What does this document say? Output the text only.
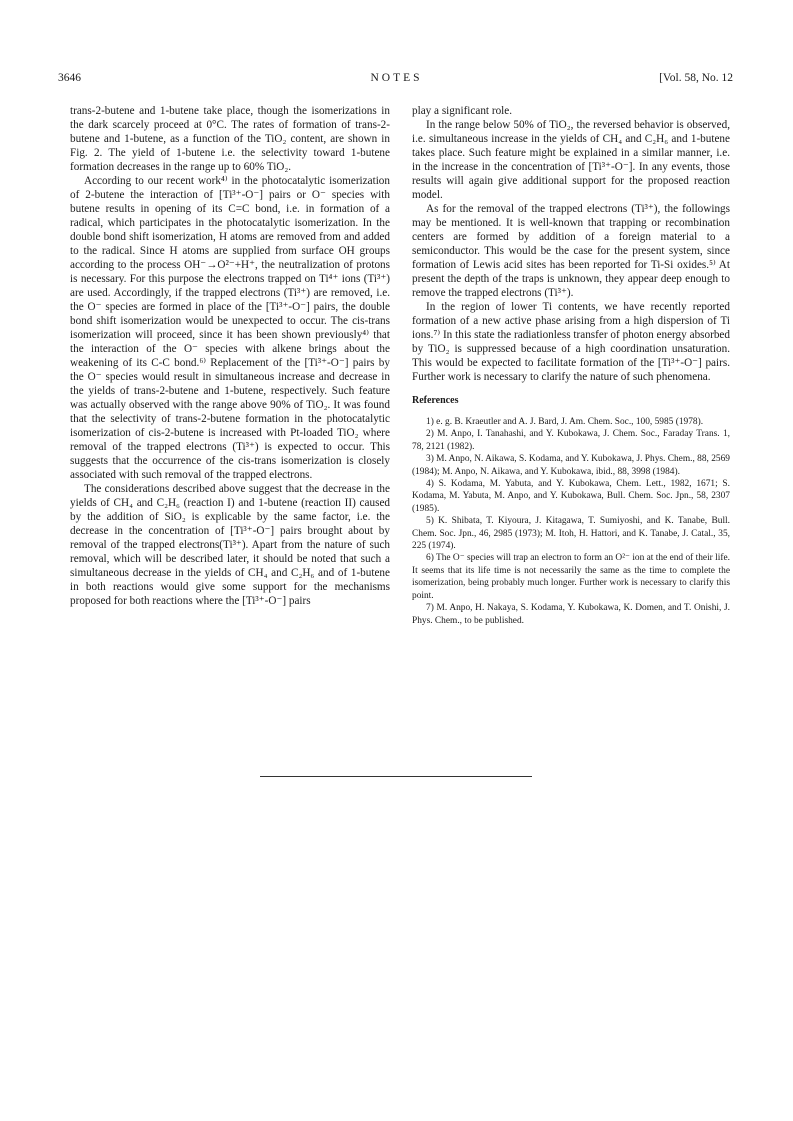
3646	NOTES	[Vol. 58, No. 12

trans-2-butene and 1-butene take place, though the isomerizations in the dark scarcely proceed at 0°C. The rates of formation of trans-2-butene and 1-butene, as a function of the TiO₂ content, are shown in Fig. 2. The yield of 1-butene i.e. the selectivity toward 1-butene formation decreases in the range up to 60% TiO₂.

According to our recent work⁴⁾ in the photocatalytic isomerization of 2-butene the interaction of [Ti³⁺-O⁻] pairs or O⁻ species with butene results in opening of its C=C bond, i.e. in formation of a radical, which participates in the photocatalytic isomerization. In the double bond shift isomerization, H atoms are removed from and added to the radical. Since H atoms are supplied from surface OH groups according to the process OH⁻→O²⁻+H⁺, the neutralization of protons is necessary. For this purpose the electrons trapped on Ti⁴⁺ ions (Ti³⁺) are used. Accordingly, if the trapped electrons (Ti³⁺) are removed, i.e. the O⁻ species are formed in place of the [Ti³⁺-O⁻] pairs, the double bond shift isomerization would be unexpected to occur. The cis-trans isomerization will proceed, since it has been shown previously⁴⁾ that the interaction of the O⁻ species with alkene brings about the weakening of its C-C bond.⁶⁾ Replacement of the [Ti³⁺-O⁻] pairs by the O⁻ species would result in simultaneous increase and decrease in the yields of trans-2-butene and 1-butene, respectively. Such feature was actually observed with the range above 90% of TiO₂. It was found that the selectivity of trans-2-butene formation in the photocatalytic isomerization of cis-2-butene is increased with Pt-loaded TiO₂ where removal of the trapped electrons (Ti³⁺) is expected to occur. This suggests that the occurrence of the cis-trans isomerization is closely associated with such removal of the trapped electrons.

The considerations described above suggest that the decrease in the yields of CH₄ and C₂H₆ (reaction I) and 1-butene (reaction II) caused by the addition of SiO₂ is explicable by the same factor, i.e. the decrease in the concentration of [Ti³⁺-O⁻] pairs brought about by removal of the trapped electrons(Ti³⁺). Apart from the nature of such removal, which will be described later, it should be noted that such a simultaneous decrease in the yields of CH₄ and C₂H₆ and of 1-butene in both reactions would give some support for the mechanisms proposed for both reactions where the [Ti³⁺-O⁻] pairs

play a significant role.

In the range below 50% of TiO₂, the reversed behavior is observed, i.e. simultaneous increase in the yields of CH₄ and C₂H₆ and 1-butene takes place. Such feature might be explained in a similar manner, i.e. in the increase in the concentration of [Ti³⁺-O⁻]. In any events, those results will again give additional support for the proposed reaction model.

As for the removal of the trapped electrons (Ti³⁺), the followings may be mentioned. It is well-known that trapping or recombination centers are formed by addition of a foreign material to a semiconductor. This would be the case for the present system, since formation of Lewis acid sites has been reported for Ti-Si oxides.⁵⁾ At present the depth of the traps is unknown, they appear deep enough to remove the trapped electrons (Ti³⁺).

In the region of lower Ti contents, we have recently reported formation of a new active phase arising from a high dispersion of Ti ions.⁷⁾ In this state the radiationless transfer of photon energy absorbed by TiO₂ is suppressed because of a high coordination unsaturation. This would be expected to facilitate formation of the [Ti³⁺-O⁻] pairs. Further work is necessary to clarify the nature of such phenomena.

References

1) e. g. B. Kraeutler and A. J. Bard, J. Am. Chem. Soc., 100, 5985 (1978).

2) M. Anpo, I. Tanahashi, and Y. Kubokawa, J. Chem. Soc., Faraday Trans. 1, 78, 2121 (1982).

3) M. Anpo, N. Aikawa, S. Kodama, and Y. Kubokawa, J. Phys. Chem., 88, 2569 (1984); M. Anpo, N. Aikawa, and Y. Kubokawa, ibid., 88, 3998 (1984).

4) S. Kodama, M. Yabuta, and Y. Kubokawa, Chem. Lett., 1982, 1671; S. Kodama, M. Yabuta, M. Anpo, and Y. Kubokawa, Bull. Chem. Soc. Jpn., 58, 2307 (1985).

5) K. Shibata, T. Kiyoura, J. Kitagawa, T. Sumiyoshi, and K. Tanabe, Bull. Chem. Soc. Jpn., 46, 2985 (1973); M. Itoh, H. Hattori, and K. Tanabe, J. Catal., 35, 225 (1974).

6) The O⁻ species will trap an electron to form an O²⁻ ion at the end of their life. It seems that its life time is not necessarily the same as the time to complete the isomerization, being probably much longer. Further work is necessary to clarify this point.

7) M. Anpo, H. Nakaya, S. Kodama, Y. Kubokawa, K. Domen, and T. Onishi, J. Phys. Chem., to be published.
